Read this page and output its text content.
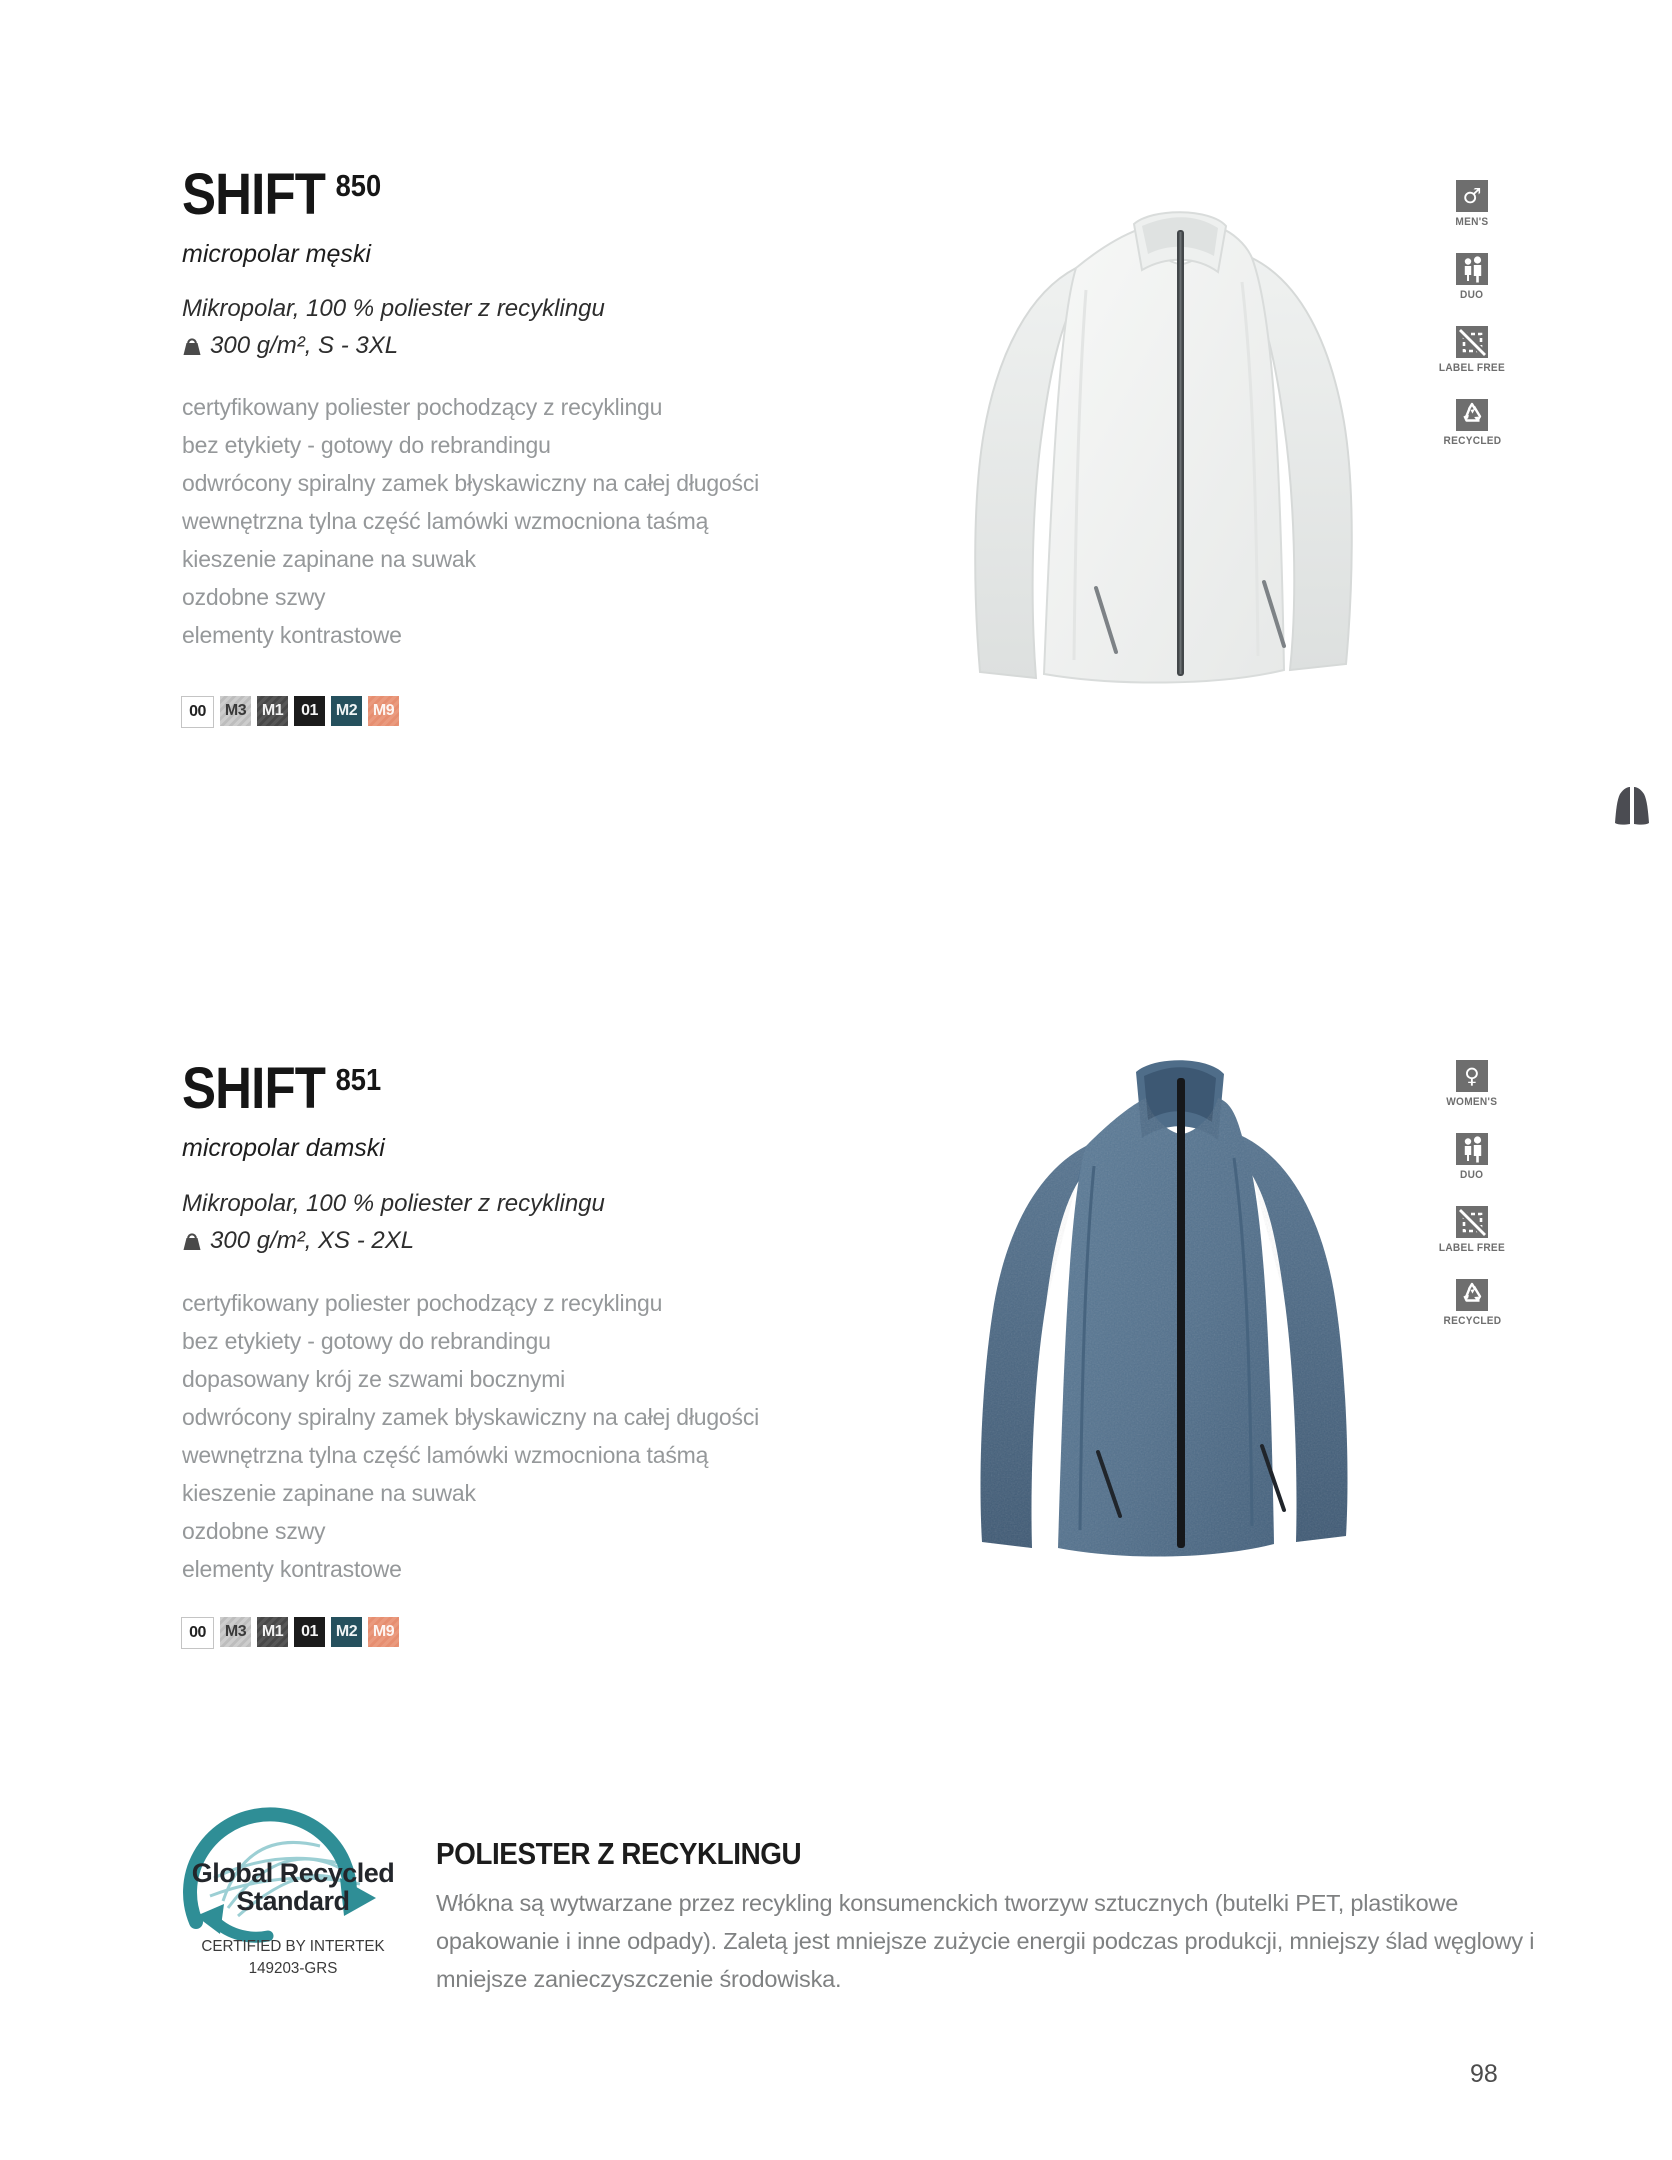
SHIFT 850
micropolar męski
Mikropolar, 100 % poliester z recyklingu
300 g/m², S - 3XL
certyfikowany poliester pochodzący z recyklingu
bez etykiety - gotowy do rebrandingu
odwrócony spiralny zamek błyskawiczny na całej długości
wewnętrzna tylna część lamówki wzmocniona taśmą
kieszenie zapinane na suwak
ozdobne szwy
elementy kontrastowe
00	M3 M1	01	M2 M9
♂
MEN'S
DUO
LABEL FREE
RECYCLED
SHIFT 851
micropolar damski
Mikropolar, 100 % poliester z recyklingu
300 g/m², XS - 2XL
certyfikowany poliester pochodzący z recyklingu
bez etykiety - gotowy do rebrandingu
dopasowany krój ze szwami bocznymi
odwrócony spiralny zamek błyskawiczny na całej długości
wewnętrzna tylna część lamówki wzmocniona taśmą
kieszenie zapinane na suwak
ozdobne szwy
elementy kontrastowe
00	M3 M1	01	M2 M9
♀
WOMEN'S
DUO
LABEL FREE
RECYCLED
Global Recycled
Standard
CERTIFIED BY INTERTEK
149203-GRS
POLIESTER Z RECYKLINGU
Włókna są wytwarzane przez recykling konsumenckich tworzyw sztucznych (butelki PET, plastikowe opakowanie i inne odpady). Zaletą jest mniejsze zużycie energii podczas produkcji, mniejszy ślad węglowy i mniejsze zanieczyszczenie środowiska.
98
